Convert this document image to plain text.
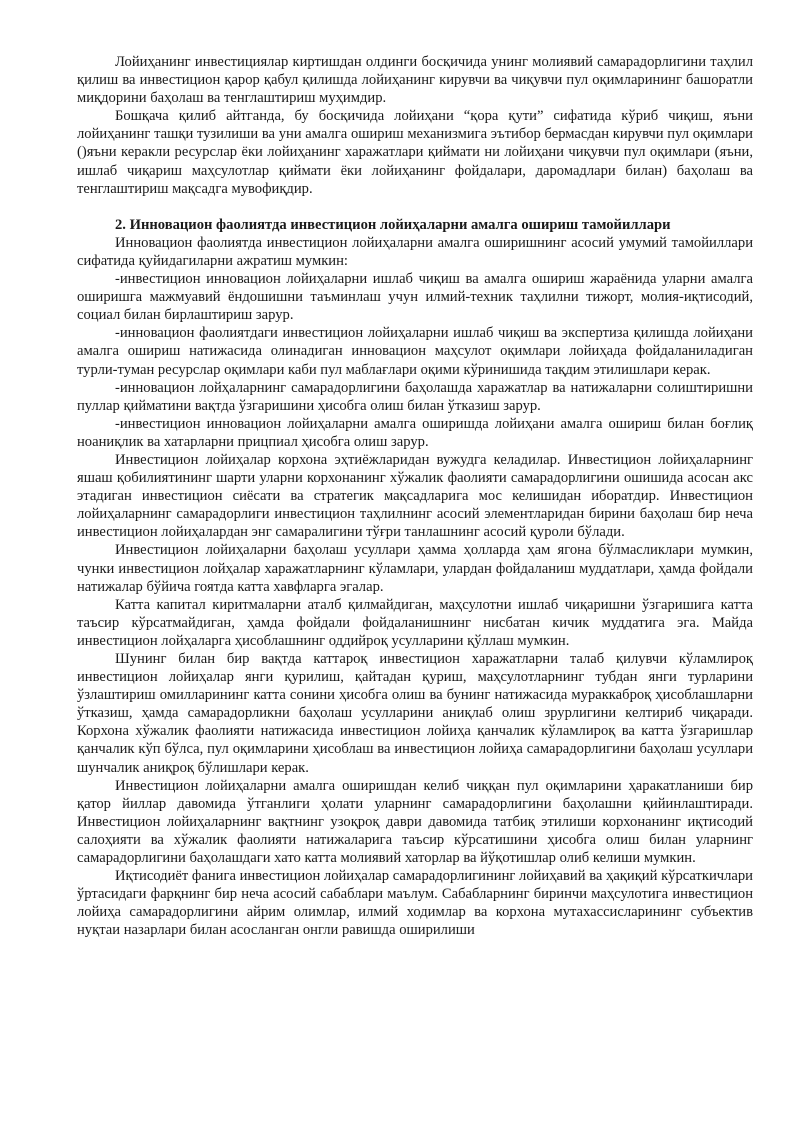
Лойиҳанинг инвестициялар киртишдан олдинги босқичида унинг молиявий самарадорлигини таҳлил қилиш ва инвестицион қарор қабул қилишда лойиҳанинг кирувчи ва чиқувчи пул оқимларининг башоратли миқдорини баҳолаш ва тенглаштириш муҳимдир.

Бошқача қилиб айтганда, бу босқичида лойиҳани “қора қути” сифатида кўриб чиқиш, яъни лойиҳанинг ташқи тузилиши ва уни амалга ошириш механизмига эътибор бермасдан кирувчи пул оқимлари ()яъни керакли ресурслар ёки лойиҳанинг харажатлари қиймати ни лойиҳани чиқувчи пул оқимлари (яъни, ишлаб чиқариш маҳсулотлар қиймати ёки лойиҳанинг фойдалари, даромадлари билан) баҳолаш ва тенглаштириш мақсадга мувофиқдир.

2. Инновацион фаолиятда инвестицион лойиҳаларни амалга ошириш тамойиллари

Инновацион фаолиятда инвестицион лойиҳаларни амалга оширишнинг асосий умумий тамойиллари сифатида қуйидагиларни ажратиш мумкин:

-инвестицион инновацион лойиҳаларни ишлаб чиқиш ва амалга ошириш жараёнида уларни амалга оширишга мажмуавий ёндошишни таъминлаш учун илмий-техник таҳлилни тижорт, молия-иқтисодий, социал билан бирлаштириш зарур.

-инновацион фаолиятдаги инвестицион лойиҳаларни ишлаб чиқиш ва экспертиза қилишда лойиҳани амалга ошириш натижасида олинадиган инновацион маҳсулот оқимлари лойиҳада фойдаланиладиган турли-туман ресурслар оқимлари каби пул маблағлари оқими кўринишида тақдим этилишлари керак.

-инновацион лойҳаларнинг самарадорлигини баҳолашда харажатлар ва натижаларни солиштиришни пуллар қийматини вақтда ўзгаришини ҳисобга олиш билан ўтказиш зарур.

-инвестицион инновацион лойиҳаларни амалга оширишда лойиҳани амалга ошириш билан боғлиқ ноаниқлик ва хатарларни прицпиал ҳисобга олиш зарур.

Инвестицион лойиҳалар корхона эҳтиёжларидан вужудга келадилар. Инвестицион лойиҳаларнинг яшаш қобилиятининг шарти уларни корхонанинг хўжалик фаолияти самарадорлигини ошишида асосан акс этадиган инвестицион сиёсати ва стратегик мақсадларига мос келишидан иборатдир. Инвестицион лойиҳаларнинг самарадорлиги инвестицион таҳлилнинг асосий элементларидан бирини баҳолаш бир неча инвестицион лойиҳалардан энг самаралигини тўғри танлашнинг асосий қуроли бўлади.

Инвестицион лойиҳаларни баҳолаш усуллари ҳамма ҳолларда ҳам ягона бўлмасликлари мумкин, чунки инвестицион лойҳалар харажатларнинг кўламлари, улардан фойдаланиш муддатлари, ҳамда фойдали натижалар бўйича гоятда катта хавфларга эгалар.

Катта капитал киритмаларни аталб қилмайдиган, маҳсулотни ишлаб чиқаришни ўзгаришига катта таъсир кўрсатмайдиган, ҳамда фойдали фойдаланишнинг нисбатан кичик муддатига эга. Майда инвестицион лойҳаларга ҳисоблашнинг оддийроқ усулларини қўллаш мумкин.

Шунинг билан бир вақтда каттароқ инвестицион харажатларни талаб қилувчи кўламлироқ инвестицион лойиҳалар янги қурилиш, қайтадан қуриш, маҳсулотларнинг тубдан янги турларини ўзлаштириш омилларининг катта сонини ҳисобга олиш ва бунинг натижасида мураккаброқ ҳисоблашларни ўтказиш, ҳамда самарадорликни баҳолаш усулларини аниқлаб олиш зрурлигини келтириб чиқаради. Корхона хўжалик фаолияти натижасида инвестицион лойиҳа қанчалик кўламлироқ ва катта ўзгаришлар қанчалик кўп бўлса, пул оқимларини ҳисоблаш ва инвестицион лойиҳа самарадорлигини баҳолаш усуллари шунчалик аниқроқ бўлишлари керак.

Инвестицион лойиҳаларни амалга оширишдан келиб чиққан пул оқимларини ҳаракатланиши бир қатор йиллар давомида ўтганлиги ҳолати уларнинг самарадорлигини баҳолашни қийинлаштиради. Инвестицион лойиҳаларнинг вақтнинг узоқроқ даври давомида татбиқ этилиши корхонанинг иқтисодий салоҳияти ва хўжалик фаолияти натижаларига таъсир кўрсатишини ҳисобга олиш билан уларнинг самарадорлигини баҳолашдаги хато катта молиявий хаторлар ва йўқотишлар олиб келиши мумкин.

Иқтисодиёт фанига инвестицион лойиҳалар самарадорлигининг лойиҳавий ва ҳақиқий кўрсаткичлари ўртасидаги фарқнинг бир неча асосий сабаблари маълум. Сабабларнинг биринчи маҳсулотига инвестицион лойиҳа самарадорлигини айрим олимлар, илмий ходимлар ва корхона мутахассисларининг субъектив нуқтаи назарлари билан асосланган онгли равишда оширилиши
